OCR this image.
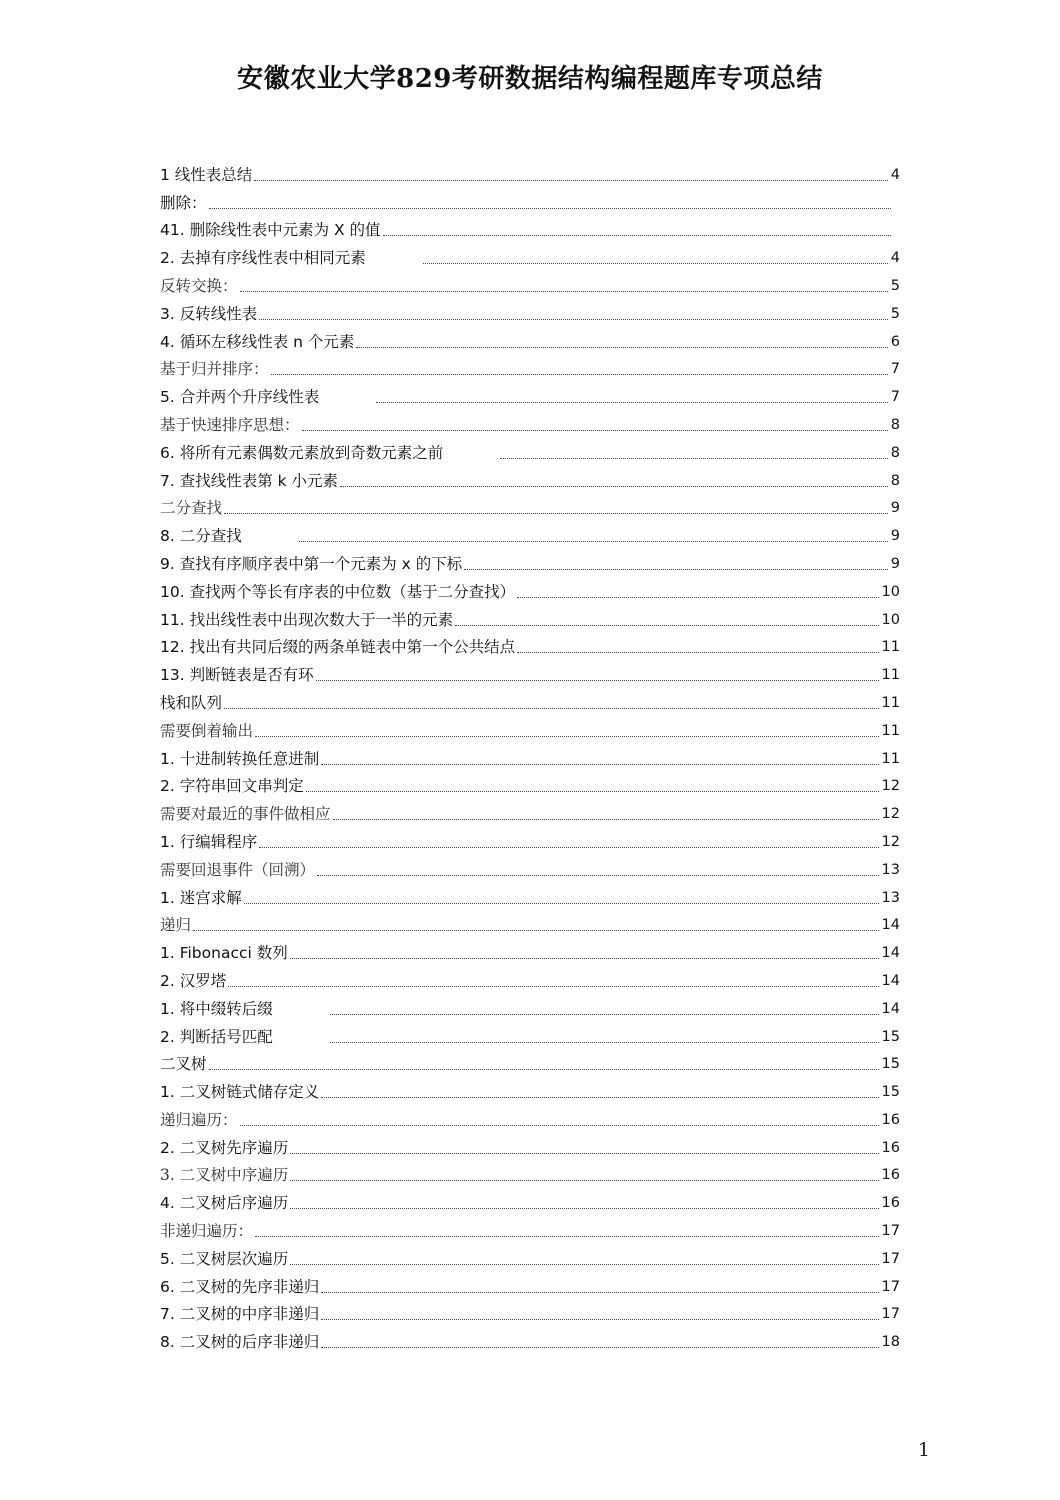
安徽农业大学829考研数据结构编程题库专项总结
1 线性表总结	4
删除：
41. 删除线性表中元素为 X 的值
2. 去掉有序线性表中相同元素	4
反转交换：	5
3. 反转线性表	5
4. 循环左移线性表 n 个元素	6
基于归并排序：	7
5. 合并两个升序线性表	7
基于快速排序思想：	8
6. 将所有元素偶数元素放到奇数元素之前	8
7. 查找线性表第 k 小元素	8
二分查找	9
8. 二分查找	9
9. 查找有序顺序表中第一个元素为 x 的下标	9
10. 查找两个等长有序表的中位数（基于二分查找）	10
11. 找出线性表中出现次数大于一半的元素	10
12. 找出有共同后缀的两条单链表中第一个公共结点	11
13. 判断链表是否有环	11
栈和队列	11
需要倒着输出	11
1. 十进制转换任意进制	11
2. 字符串回文串判定	12
需要对最近的事件做相应	12
1. 行编辑程序	12
需要回退事件（回溯）	13
1. 迷宫求解	13
递归	14
1. Fibonacci 数列	14
2. 汉罗塔	14
1. 将中缀转后缀	14
2. 判断括号匹配	15
二叉树	15
1. 二叉树链式储存定义	15
递归遍历：	16
2. 二叉树先序遍历	16
3. 二叉树中序遍历	16
4. 二叉树后序遍历	16
非递归遍历：	17
5. 二叉树层次遍历	17
6. 二叉树的先序非递归	17
7. 二叉树的中序非递归	17
8. 二叉树的后序非递归	18
1
